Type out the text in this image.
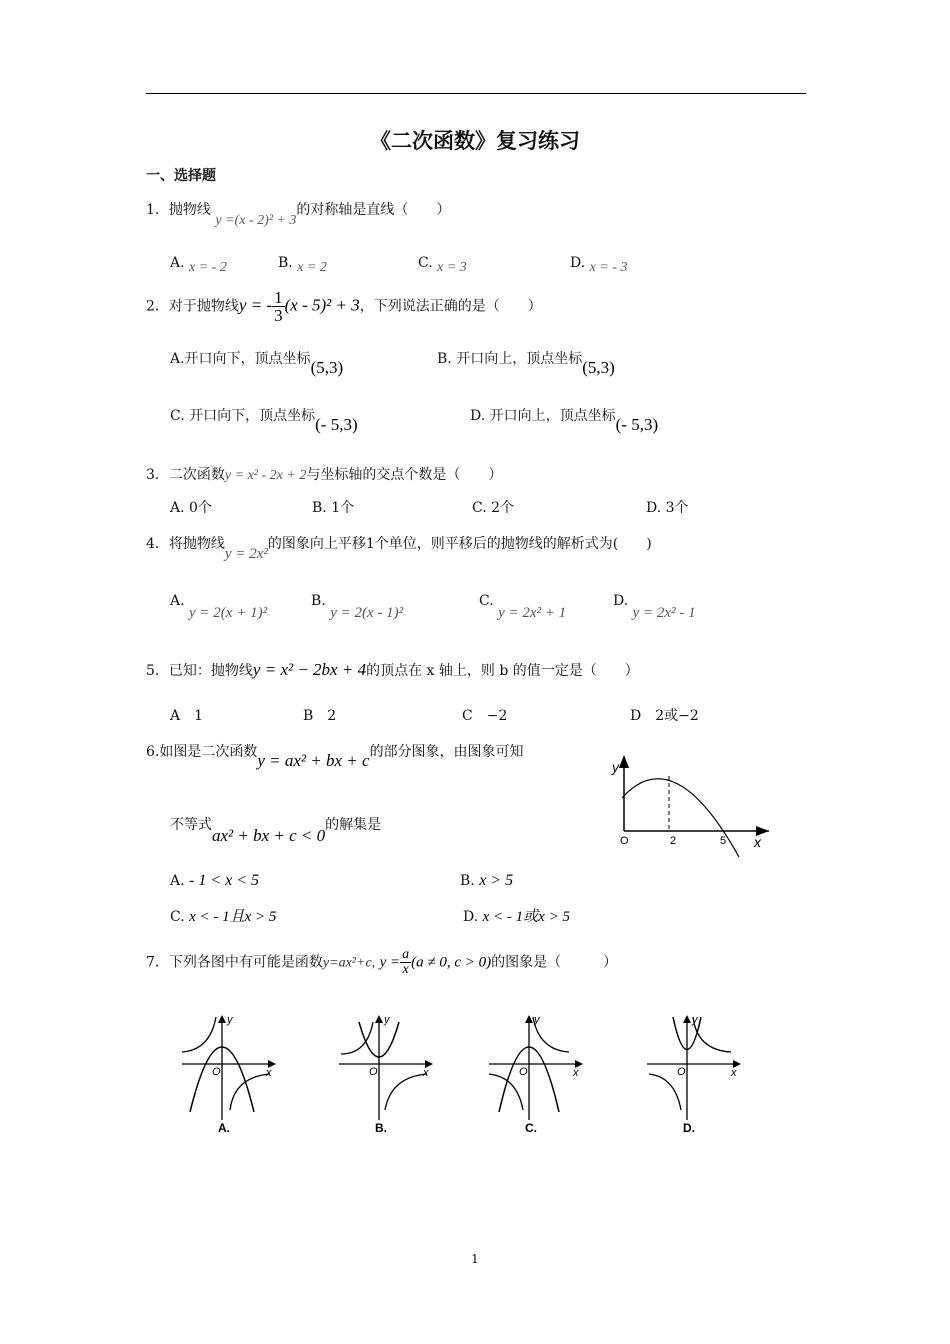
《二次函数》复习练习
一、选择题
1．抛物线 y =(x - 2)² + 3的对称轴是直线（　　）
A. x = - 2	B. x = 2	C. x = 3	D. x = - 3
2．对于抛物线y = - $\frac{1}{3} (x - 5)^2 + 3$，下列说法正确的是（　　）
A.开口向下，顶点坐标(5,3)	B. 开口向上，顶点坐标(5,3)
C. 开口向下，顶点坐标(- 5,3)	D. 开口向上，顶点坐标(- 5,3)
3．二次函数y = x² - 2x + 2与坐标轴的交点个数是（　　）
A. 0个	B. 1个	C. 2个	D. 3个
4．将抛物线y = 2x²的图象向上平移1个单位，则平移后的抛物线的解析式为(　　)
A. y = 2(x + 1)²
B. y = 2(x - 1)²
C. y = 2x² + 1
D. y = 2x² - 1
5．已知：抛物线y = x² − 2bx + 4的顶点在 x 轴上，则 b 的值一定是（　　）
A　1	B　2	C　−2	D　2或−2
6.如图是二次函数y = ax² + bx + c的部分图象，由图象可知
不等式ax² + bx + c < 0的解集是
y
x
O	2	5
A. - 1 < x < 5	B. x > 5
C. x < - 1且x > 5	D. x < - 1或x > 5
7．下列各图中有可能是函数y=ax²+c, $y = \frac{a}{x} (a \ne 0$, c > 0)的图象是（　　　）
y
x
O
A.
y
x
O
B.
y
x
O
C.
y
x
O
D.
1
